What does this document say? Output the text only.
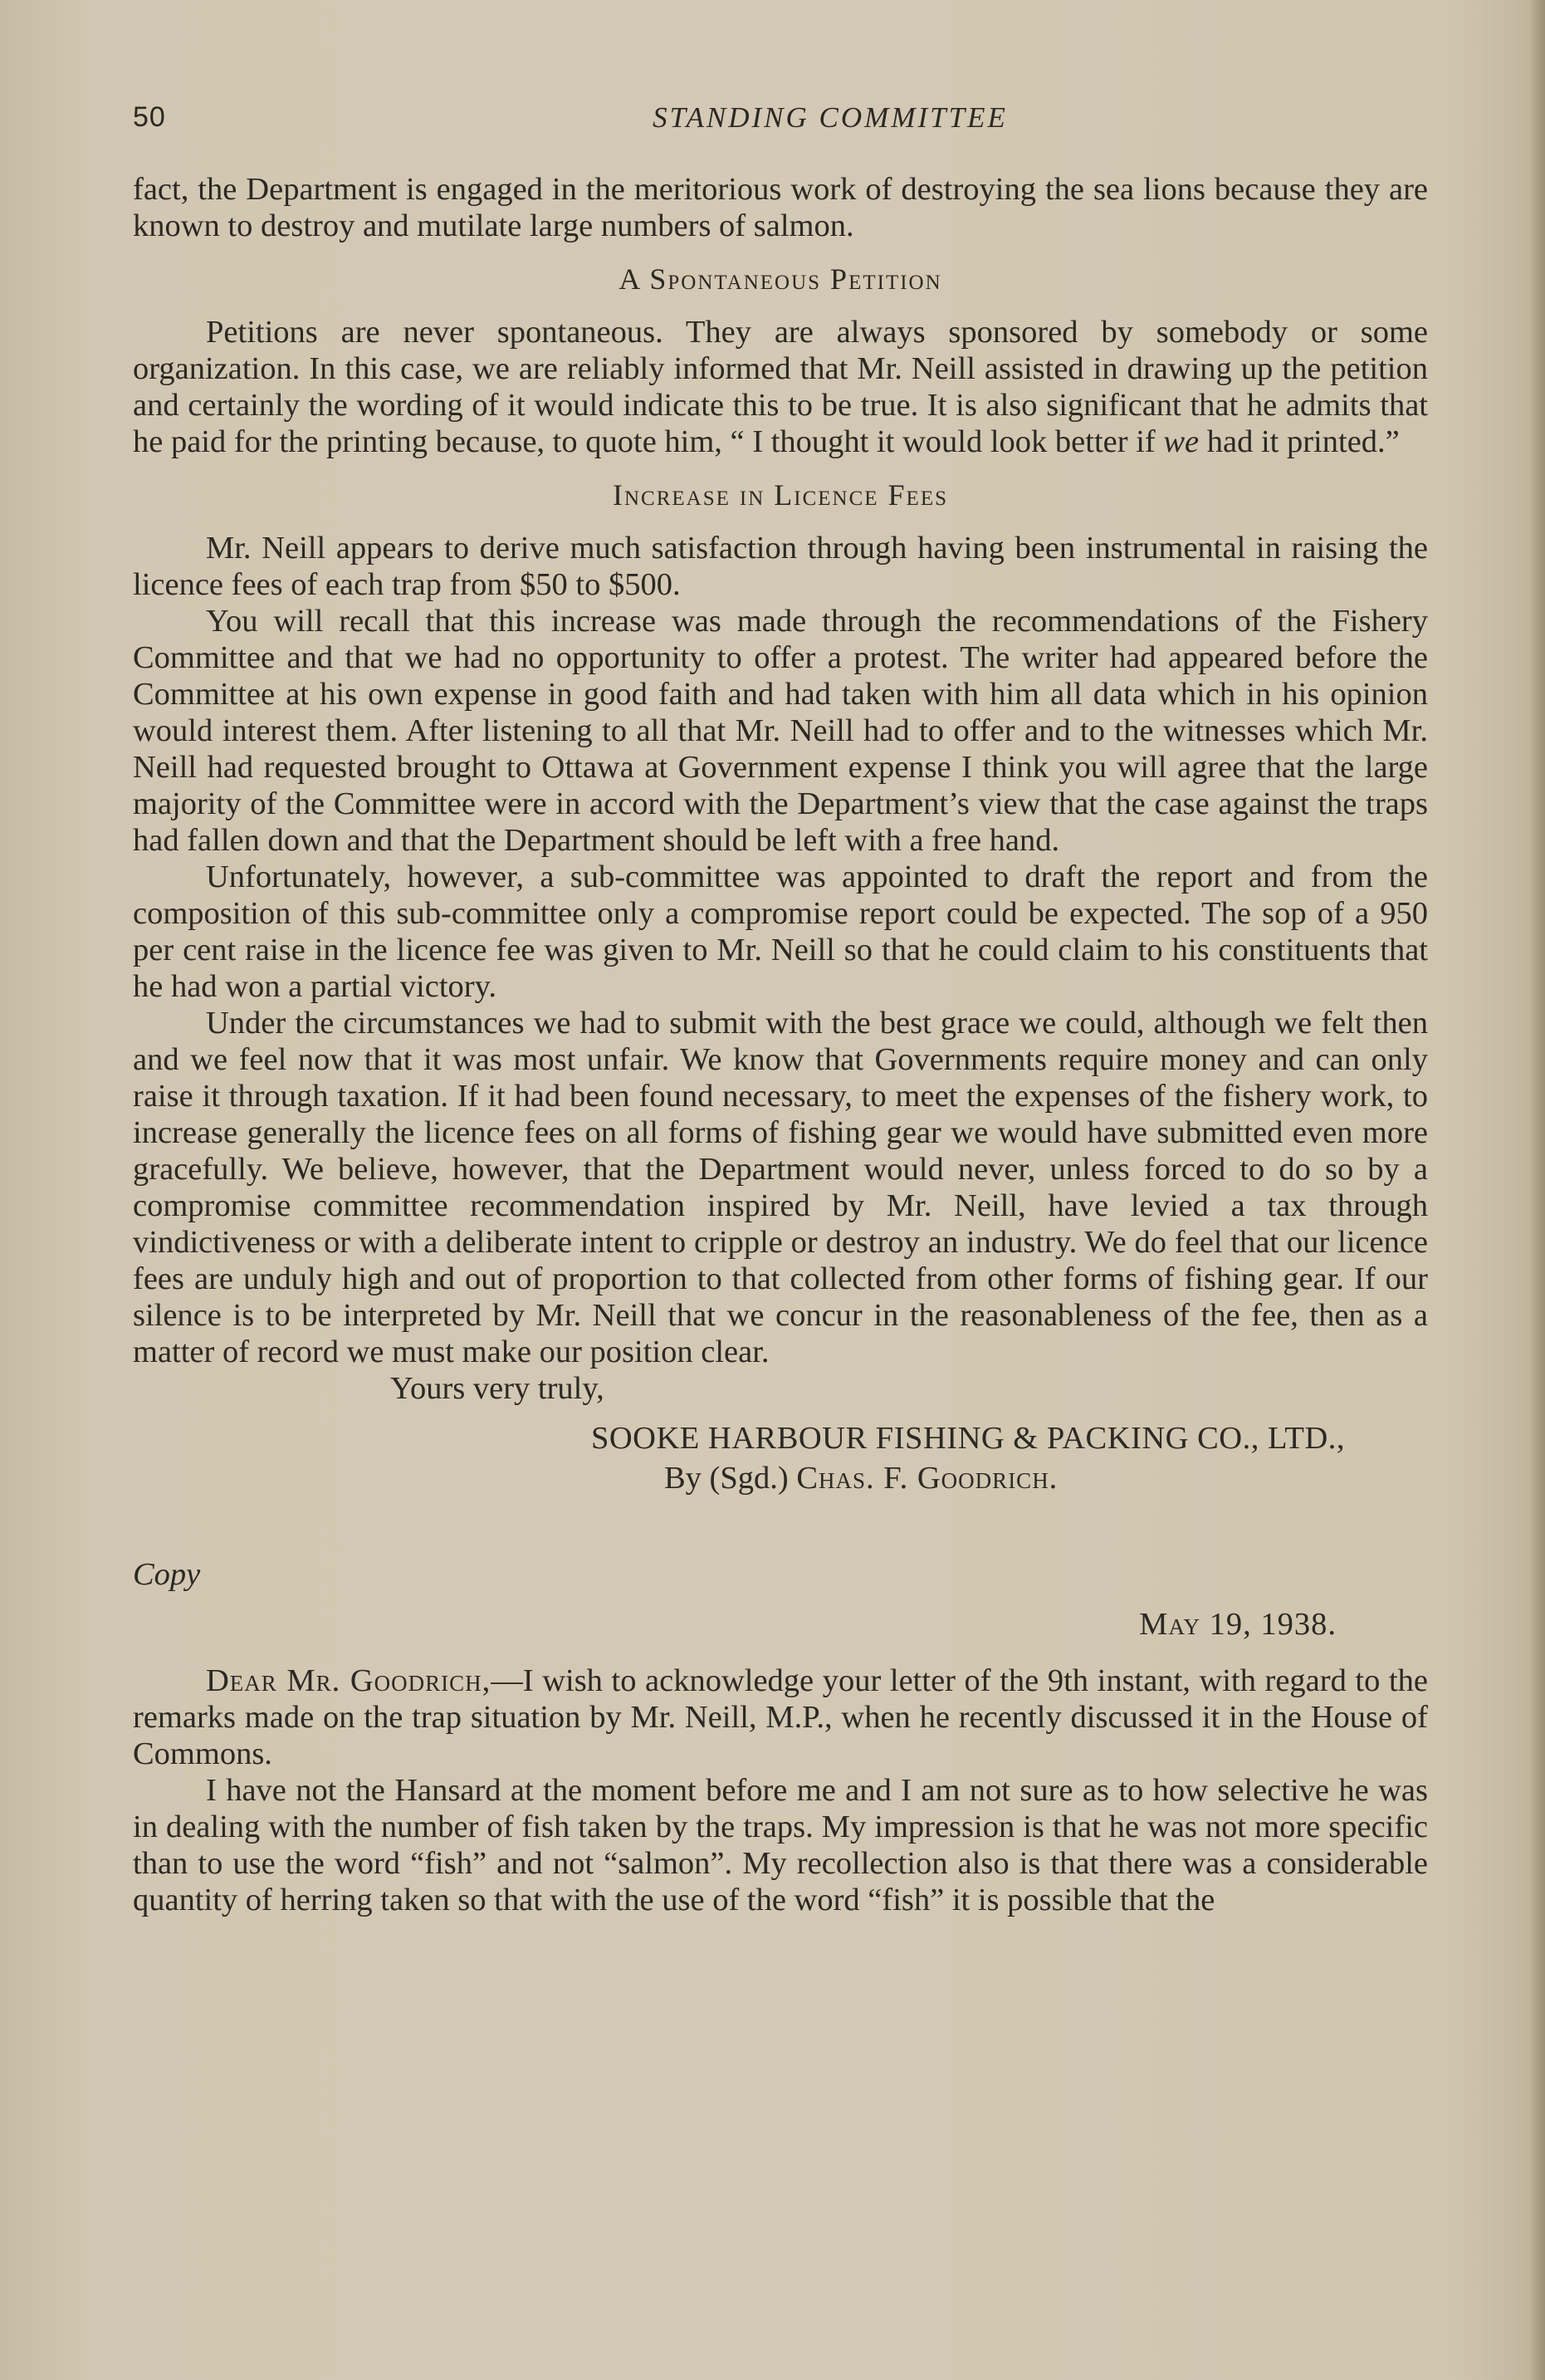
50	STANDING COMMITTEE

fact, the Department is engaged in the meritorious work of destroying the sea lions because they are known to destroy and mutilate large numbers of salmon.

A Spontaneous Petition

Petitions are never spontaneous. They are always sponsored by somebody or some organization. In this case, we are reliably informed that Mr. Neill assisted in drawing up the petition and certainly the wording of it would indicate this to be true. It is also significant that he admits that he paid for the printing because, to quote him, “ I thought it would look better if we had it printed.”

Increase in Licence Fees

Mr. Neill appears to derive much satisfaction through having been instrumental in raising the licence fees of each trap from $50 to $500.

You will recall that this increase was made through the recommendations of the Fishery Committee and that we had no opportunity to offer a protest. The writer had appeared before the Committee at his own expense in good faith and had taken with him all data which in his opinion would interest them. After listening to all that Mr. Neill had to offer and to the witnesses which Mr. Neill had requested brought to Ottawa at Government expense I think you will agree that the large majority of the Committee were in accord with the Department’s view that the case against the traps had fallen down and that the Department should be left with a free hand.

Unfortunately, however, a sub-committee was appointed to draft the report and from the composition of this sub-committee only a compromise report could be expected. The sop of a 950 per cent raise in the licence fee was given to Mr. Neill so that he could claim to his constituents that he had won a partial victory.

Under the circumstances we had to submit with the best grace we could, although we felt then and we feel now that it was most unfair. We know that Governments require money and can only raise it through taxation. If it had been found necessary, to meet the expenses of the fishery work, to increase generally the licence fees on all forms of fishing gear we would have submitted even more gracefully. We believe, however, that the Department would never, unless forced to do so by a compromise committee recommendation inspired by Mr. Neill, have levied a tax through vindictiveness or with a deliberate intent to cripple or destroy an industry. We do feel that our licence fees are unduly high and out of proportion to that collected from other forms of fishing gear. If our silence is to be interpreted by Mr. Neill that we concur in the reasonableness of the fee, then as a matter of record we must make our position clear.

Yours very truly,

SOOKE HARBOUR FISHING & PACKING CO., LTD.,

By (Sgd.) Chas. F. Goodrich.

Copy

May 19, 1938.

Dear Mr. Goodrich,—I wish to acknowledge your letter of the 9th instant, with regard to the remarks made on the trap situation by Mr. Neill, M.P., when he recently discussed it in the House of Commons.

I have not the Hansard at the moment before me and I am not sure as to how selective he was in dealing with the number of fish taken by the traps. My impression is that he was not more specific than to use the word “fish” and not “salmon”. My recollection also is that there was a considerable quantity of herring taken so that with the use of the word “fish” it is possible that the
